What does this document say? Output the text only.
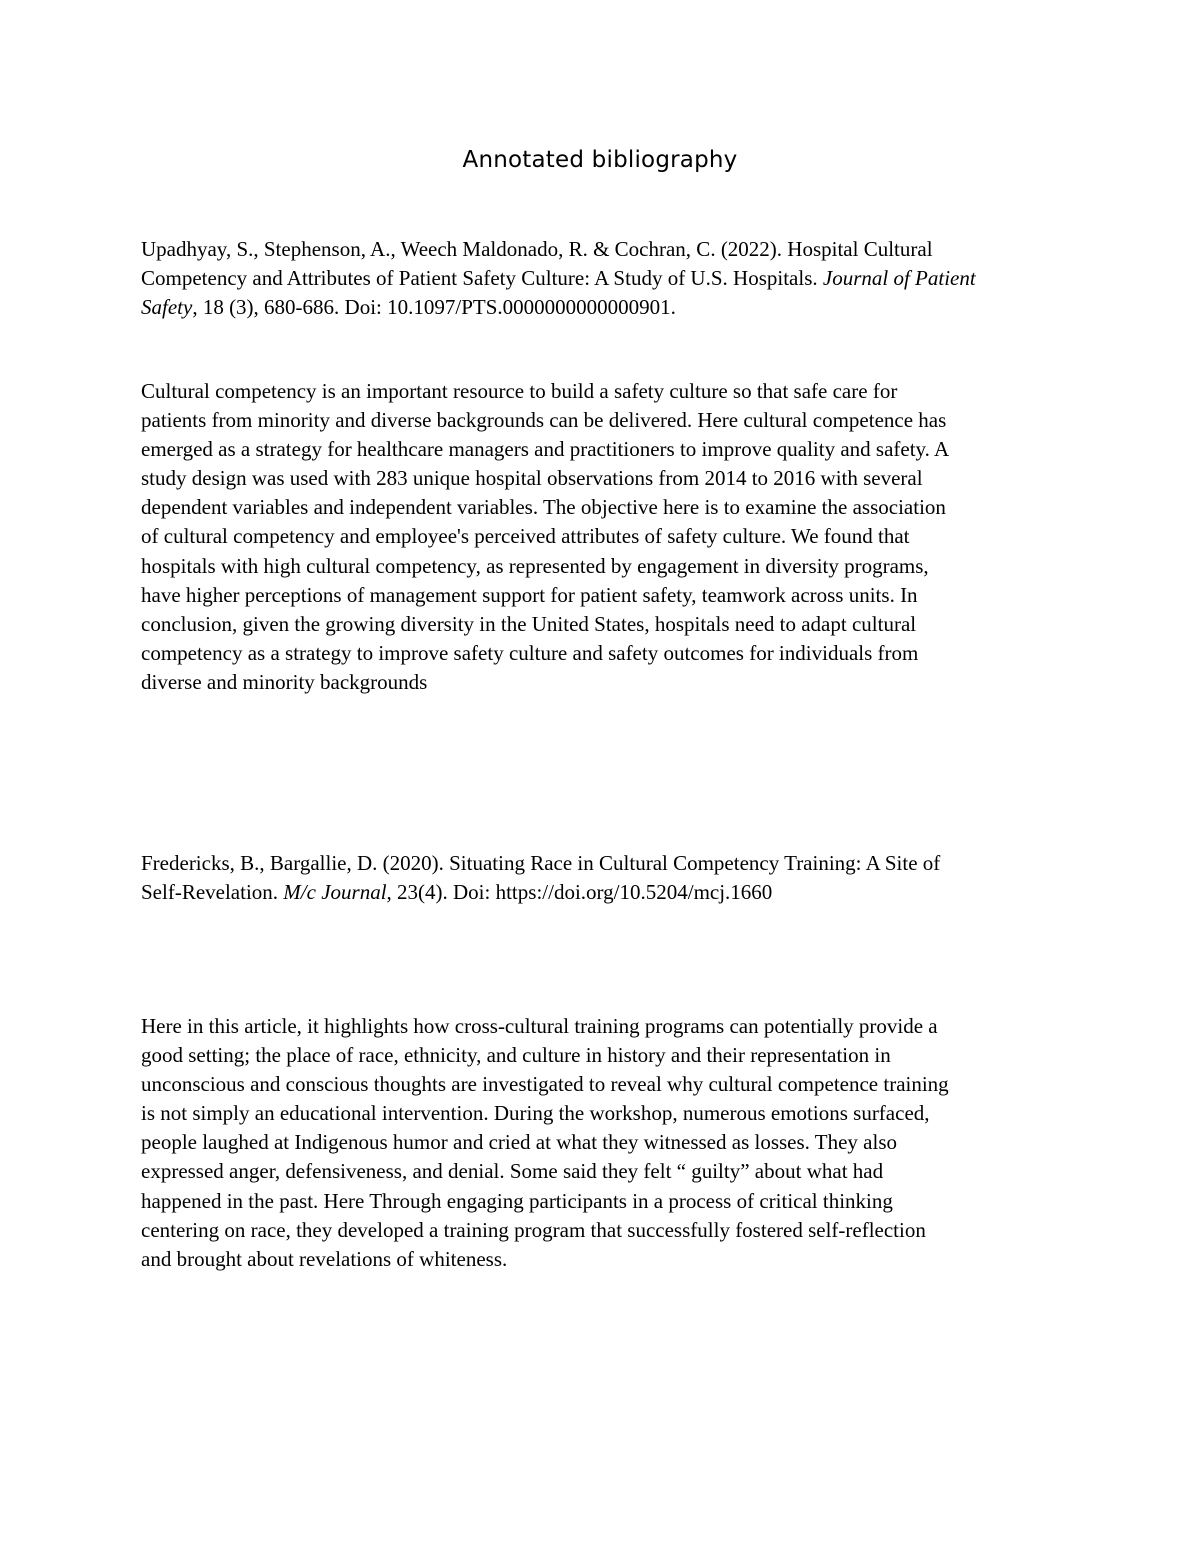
Annotated bibliography
Upadhyay, S., Stephenson, A., Weech Maldonado, R. & Cochran, C. (2022). Hospital Cultural
Competency and Attributes of Patient Safety Culture: A Study of U.S. Hospitals. Journal of Patient
Safety, 18 (3), 680-686. Doi: 10.1097/PTS.0000000000000901.
Cultural competency is an important resource to build a safety culture so that safe care for
patients from minority and diverse backgrounds can be delivered. Here cultural competence has
emerged as a strategy for healthcare managers and practitioners to improve quality and safety. A
study design was used with 283 unique hospital observations from 2014 to 2016 with several
dependent variables and independent variables. The objective here is to examine the association
of cultural competency and employee's perceived attributes of safety culture. We found that
hospitals with high cultural competency, as represented by engagement in diversity programs,
have higher perceptions of management support for patient safety, teamwork across units. In
conclusion, given the growing diversity in the United States, hospitals need to adapt cultural
competency as a strategy to improve safety culture and safety outcomes for individuals from
diverse and minority backgrounds
Fredericks, B., Bargallie, D. (2020). Situating Race in Cultural Competency Training: A Site of
Self-Revelation. M/c Journal, 23(4). Doi: https://doi.org/10.5204/mcj.1660
Here in this article, it highlights how cross-cultural training programs can potentially provide a
good setting; the place of race, ethnicity, and culture in history and their representation in
unconscious and conscious thoughts are investigated to reveal why cultural competence training
is not simply an educational intervention. During the workshop, numerous emotions surfaced,
people laughed at Indigenous humor and cried at what they witnessed as losses. They also
expressed anger, defensiveness, and denial. Some said they felt “ guilty” about what had
happened in the past. Here Through engaging participants in a process of critical thinking
centering on race, they developed a training program that successfully fostered self-reflection
and brought about revelations of whiteness.
